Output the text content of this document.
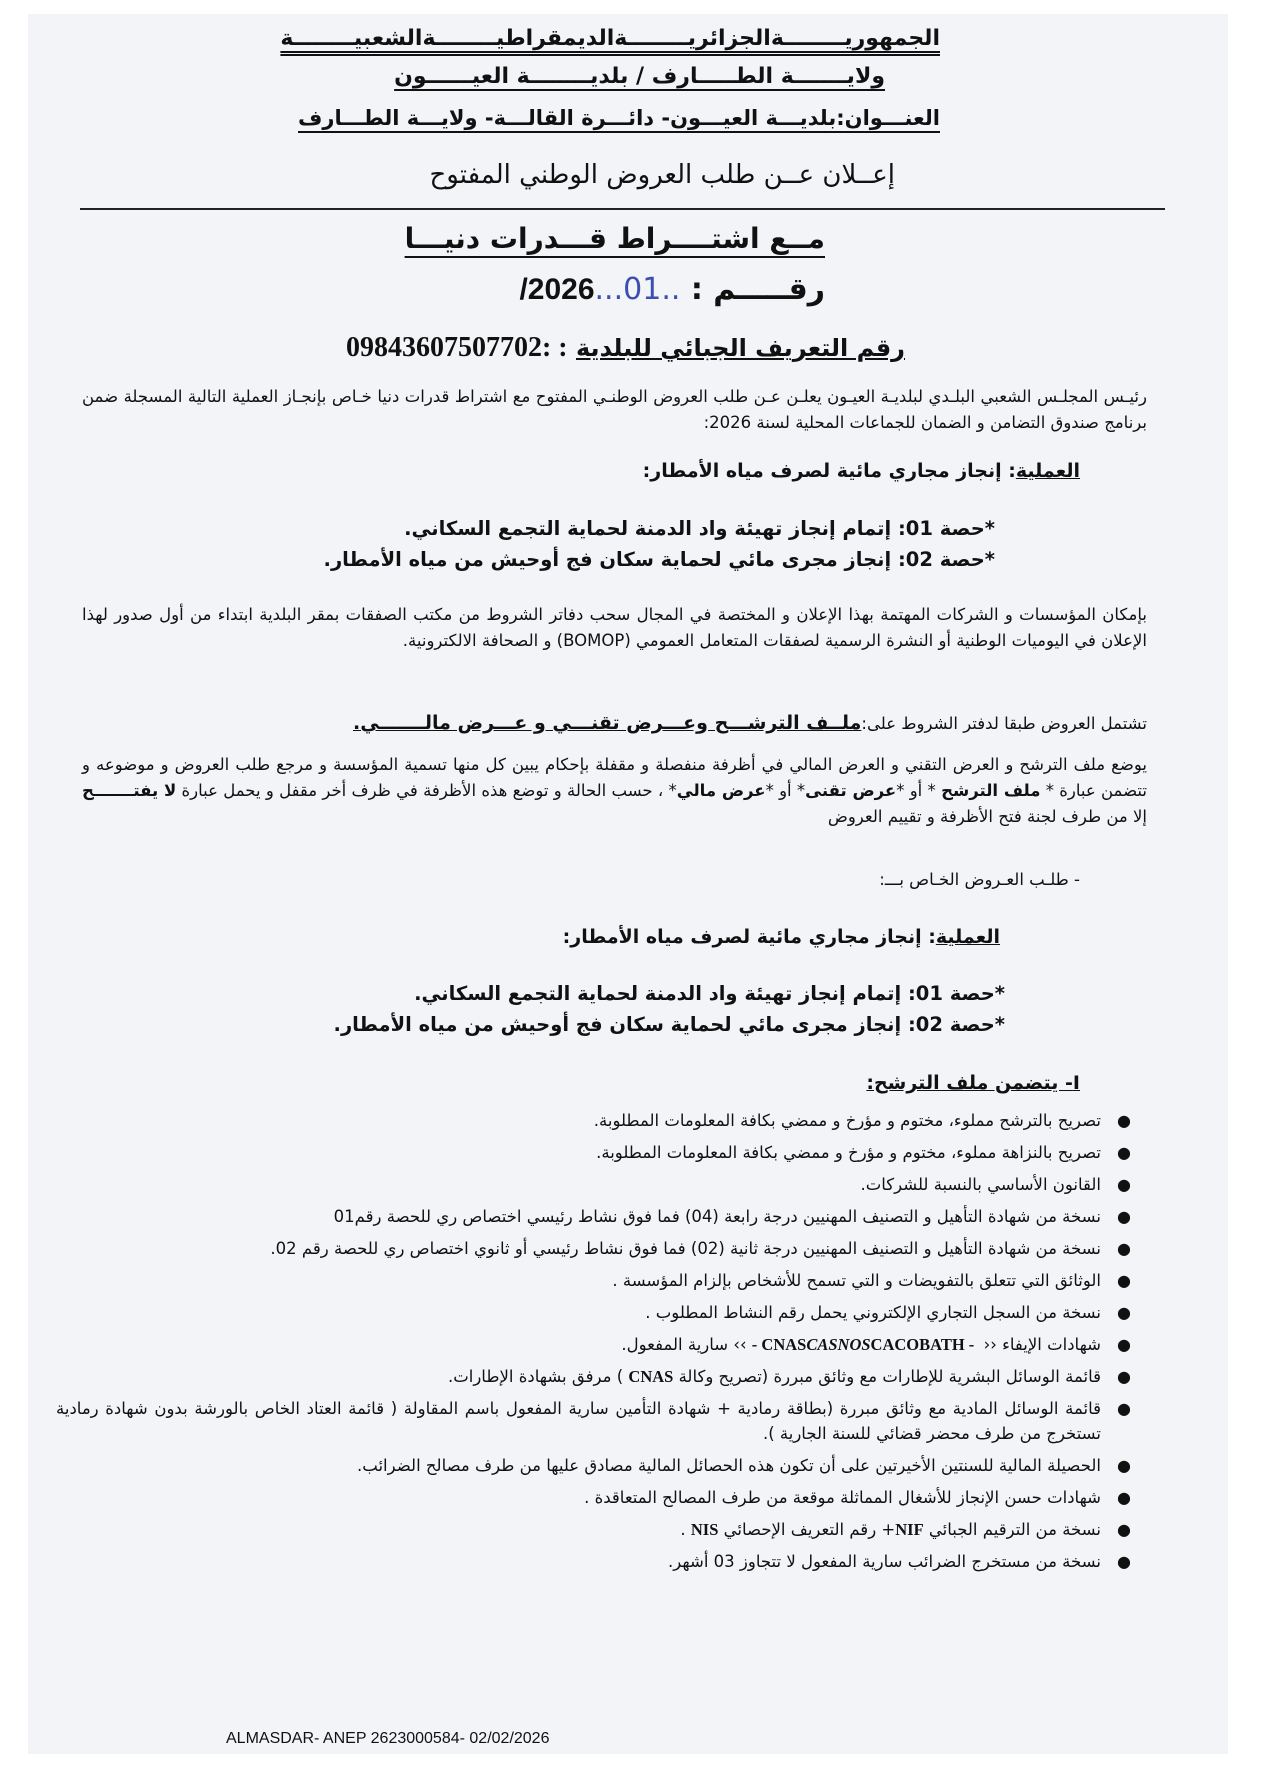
الجمهوريــــــــةالجزائريــــــــةالديمقراطيــــــــةالشعبيــــــــة
ولايـــــــة الطـــــارف / بلديــــــــة العيــــــون
العنـــوان:بلديـــة العيـــون- دائـــرة القالـــة- ولايـــة الطـــارف
إعــلان عــن طلب العروض الوطني المفتوح
مــع اشتــــراط قـــدرات دنيـــا
رقـــــم : ..01.../2026
رقم التعريف الجبائي للبلدية : :09843607507702
رئيـس المجلـس الشعبي البلـدي لبلديـة العيـون يعلـن عـن طلب العروض الوطنـي المفتوح مع اشتراط قدرات دنيا خـاص بإنجـاز العملية التالية المسجلة ضمن برنامج صندوق التضامن و الضمان للجماعات المحلية لسنة 2026:
العملية: إنجاز مجاري مائية لصرف مياه الأمطار:
*حصة 01: إتمام إنجاز تهيئة واد الدمنة لحماية التجمع السكاني.
*حصة 02: إنجاز مجرى مائي لحماية سكان فج أوحيش من مياه الأمطار.
بإمكان المؤسسات و الشركات المهتمة بهذا الإعلان و المختصة في المجال سحب دفاتر الشروط من مكتب الصفقات بمقر البلدية ابتداء من أول صدور لهذا الإعلان في اليوميات الوطنية أو النشرة الرسمية لصفقات المتعامل العمومي (BOMOP) و الصحافة الالكترونية.
تشتمل العروض طبقا لدفتر الشروط على:ملــف الترشـــح وعـــرض تقنـــي و عـــرض مالـــــــي.
يوضع ملف الترشح و العرض التقني و العرض المالي في أظرفة منفصلة و مقفلة بإحكام يبين كل منها تسمية المؤسسة و مرجع طلب العروض و موضوعه و تتضمن عبارة * ملف الترشح * أو *عرض تقنى* أو *عرض مالي* ، حسب الحالة و توضع هذه الأظرفة في ظرف أخر مقفل و يحمل عبارة لا يفتـــــــح إلا من طرف لجنة فتح الأظرفة و تقييم العروض
- طلـب العـروض الخـاص بـــ:
العملية: إنجاز مجاري مائية لصرف مياه الأمطار:
*حصة 01: إتمام إنجاز تهيئة واد الدمنة لحماية التجمع السكاني.
*حصة 02: إنجاز مجرى مائي لحماية سكان فج أوحيش من مياه الأمطار.
I- يتضمن ملف الترشح:
●
تصريح بالترشح مملوء، مختوم و مؤرخ و ممضي بكافة المعلومات المطلوبة.
●
تصريح بالنزاهة مملوء، مختوم و مؤرخ و ممضي بكافة المعلومات المطلوبة.
●
القانون الأساسي بالنسبة للشركات.
●
نسخة من شهادة التأهيل و التصنيف المهنيين درجة رابعة (04) فما فوق نشاط رئيسي اختصاص ري للحصة رقم01
●
نسخة من شهادة التأهيل و التصنيف المهنيين درجة ثانية (02) فما فوق نشاط رئيسي أو ثانوي اختصاص ري للحصة رقم 02.
●
الوثائق التي تتعلق بالتفويضات و التي تسمح للأشخاص بإلزام المؤسسة .
●
نسخة من السجل التجاري الإلكتروني يحمل رقم النشاط المطلوب .
●
شهادات الإيفاء ‹‹ CACOBATH - CASNOS- CNAS ›› سارية المفعول.
●
قائمة الوسائل البشرية للإطارات مع وثائق مبررة (تصريح وكالة CNAS ) مرفق بشهادة الإطارات.
●
قائمة الوسائل المادية مع وثائق مبررة (بطاقة رمادية + شهادة التأمين سارية المفعول باسم المقاولة ( قائمة العتاد الخاص بالورشة بدون شهادة رمادية تستخرج من طرف محضر قضائي للسنة الجارية ).
●
الحصيلة المالية للسنتين الأخيرتين على أن تكون هذه الحصائل المالية مصادق عليها من طرف مصالح الضرائب.
●
شهادات حسن الإنجاز للأشغال المماثلة موقعة من طرف المصالح المتعاقدة .
●
نسخة من الترقيم الجبائي NIF+ رقم التعريف الإحصائي NIS .
●
نسخة من مستخرج الضرائب سارية المفعول لا تتجاوز 03 أشهر.
ALMASDAR- ANEP 2623000584- 02/02/2026
